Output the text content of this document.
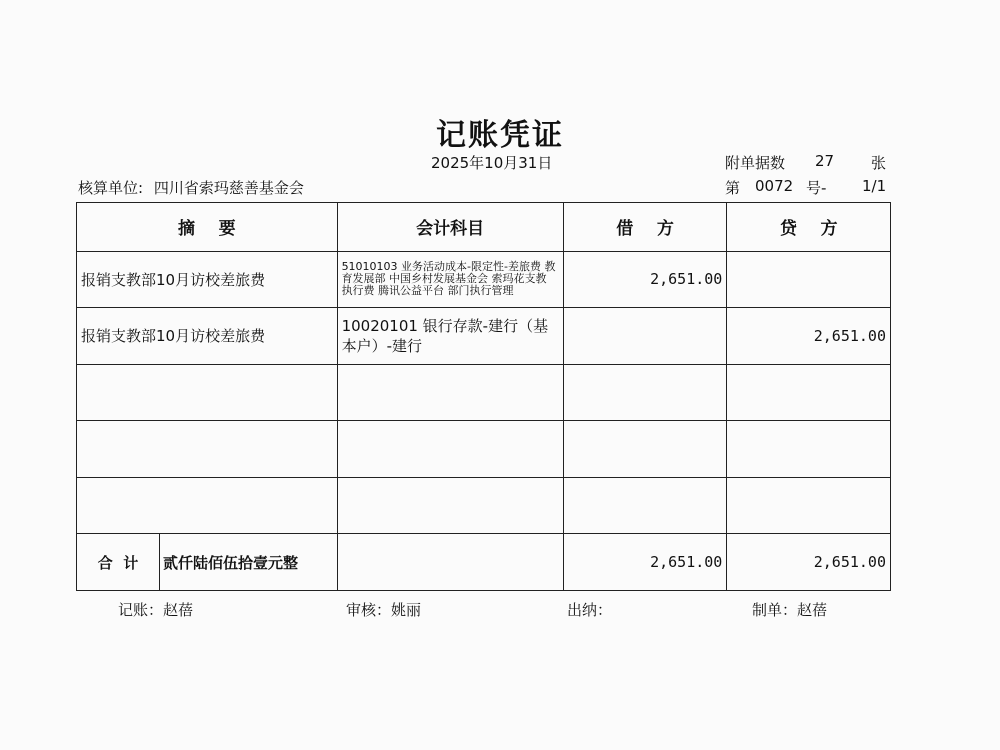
记账凭证
2025年10月31日	附单据数 27 张
核算单位: 四川省索玛慈善基金会	第 0072 号- 1/1
摘    要	会计科目	借    方	贷    方
报销支教部10月访校差旅费	51010103 业务活动成本-限定性-差旅费 教育发展部 中国乡村发展基金会 索玛花支教 执行费 腾讯公益平台 部门执行管理	2,651.00	
报销支教部10月访校差旅费	10020101 银行存款-建行（基本户）-建行		2,651.00

合  计 贰仟陆佰伍拾壹元整		2,651.00	2,651.00
记账：赵蓓	审核：姚丽	出纳：	制单：赵蓓
